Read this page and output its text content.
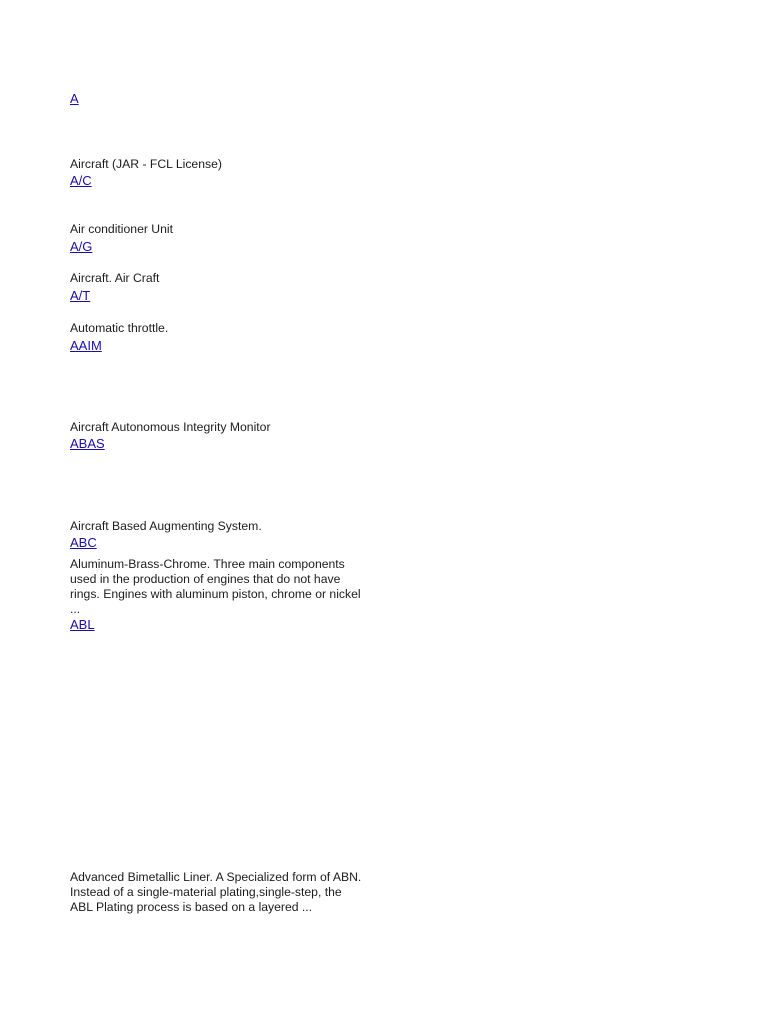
A
Aircraft (JAR - FCL License)
A/C
Air conditioner Unit
A/G
Aircraft. Air Craft
A/T
Automatic throttle.
AAIM
Aircraft Autonomous Integrity Monitor
ABAS
Aircraft Based Augmenting System.
ABC
Aluminum-Brass-Chrome. Three main components used in the production of engines that do not have rings. Engines with aluminum piston, chrome or nickel ...
ABL
Advanced Bimetallic Liner. A Specialized form of ABN. Instead of a single-material plating,single-step, the ABL Plating process is based on a layered ...
